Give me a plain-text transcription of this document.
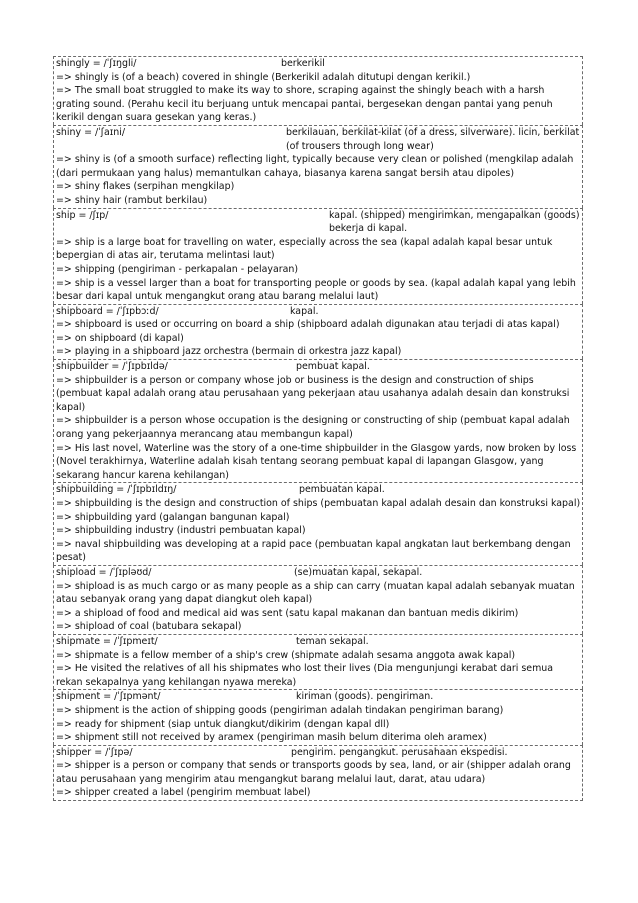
shingly = /ˈʃɪŋgli/	berkerikil
=> shingly is (of a beach) covered in shingle (Berkerikil adalah ditutupi dengan kerikil.)
=> The small boat struggled to make its way to shore, scraping against the shingly beach with a harsh grating sound. (Perahu kecil itu berjuang untuk mencapai pantai, bergesekan dengan pantai yang penuh kerikil dengan suara gesekan yang keras.)
shiny = /ˈʃaɪni/	berkilauan, berkilat-kilat (of a dress, silverware). licin, berkilat (of trousers through long wear)
=> shiny is (of a smooth surface) reflecting light, typically because very clean or polished (mengkilap adalah (dari permukaan yang halus) memantulkan cahaya, biasanya karena sangat bersih atau dipoles)
=> shiny flakes (serpihan mengkilap)
=> shiny hair (rambut berkilau)
ship = /ʃɪp/	kapal. (shipped) mengirimkan, mengapalkan (goods) bekerja di kapal.
=> ship is a large boat for travelling on water, especially across the sea (kapal adalah kapal besar untuk bepergian di atas air, terutama melintasi laut)
=> shipping (pengiriman - perkapalan - pelayaran)
=> ship is a vessel larger than a boat for transporting people or goods by sea. (kapal adalah kapal yang lebih besar dari kapal untuk mengangkut orang atau barang melalui laut)
shipboard = /ˈʃɪpbɔːd/	kapal.
=> shipboard is used or occurring on board a ship (shipboard adalah digunakan atau terjadi di atas kapal)
=> on shipboard (di kapal)
=> playing in a shipboard jazz orchestra (bermain di orkestra jazz kapal)
shipbuilder = /ˈʃɪpbɪldə/	pembuat kapal.
=> shipbuilder is a person or company whose job or business is the design and construction of ships (pembuat kapal adalah orang atau perusahaan yang pekerjaan atau usahanya adalah desain dan konstruksi kapal)
=> shipbuilder is a person whose occupation is the designing or constructing of ship (pembuat kapal adalah orang yang pekerjaannya merancang atau membangun kapal)
=> His last novel, Waterline was the story of a one-time shipbuilder in the Glasgow yards, now broken by loss (Novel terakhirnya, Waterline adalah kisah tentang seorang pembuat kapal di lapangan Glasgow, yang sekarang hancur karena kehilangan)
shipbuilding = /ˈʃɪpbɪldɪŋ/	pembuatan kapal.
=> shipbuilding is the design and construction of ships (pembuatan kapal adalah desain dan konstruksi kapal)
=> shipbuilding yard (galangan bangunan kapal)
=> shipbuilding industry (industri pembuatan kapal)
=> naval shipbuilding was developing at a rapid pace (pembuatan kapal angkatan laut berkembang dengan pesat)
shipload = /ˈʃɪpləʊd/	(se)muatan kapal, sekapal.
=> shipload is as much cargo or as many people as a ship can carry (muatan kapal adalah sebanyak muatan atau sebanyak orang yang dapat diangkut oleh kapal)
=> a shipload of food and medical aid was sent (satu kapal makanan dan bantuan medis dikirim)
=> shipload of coal (batubara sekapal)
shipmate = /ˈʃɪpmeɪt/	teman sekapal.
=> shipmate is a fellow member of a ship's crew (shipmate adalah sesama anggota awak kapal)
=> He visited the relatives of all his shipmates who lost their lives (Dia mengunjungi kerabat dari semua rekan sekapalnya yang kehilangan nyawa mereka)
shipment = /ˈʃɪpmənt/	kiriman (goods). pengiriman.
=> shipment is the action of shipping goods (pengiriman adalah tindakan pengiriman barang)
=> ready for shipment (siap untuk diangkut/dikirim (dengan kapal dll)
=> shipment still not received by aramex (pengiriman masih belum diterima oleh aramex)
shipper = /ˈʃɪpə/	pengirim. pengangkut. perusahaan ekspedisi.
=> shipper is a person or company that sends or transports goods by sea, land, or air (shipper adalah orang atau perusahaan yang mengirim atau mengangkut barang melalui laut, darat, atau udara)
=> shipper created a label (pengirim membuat label)
